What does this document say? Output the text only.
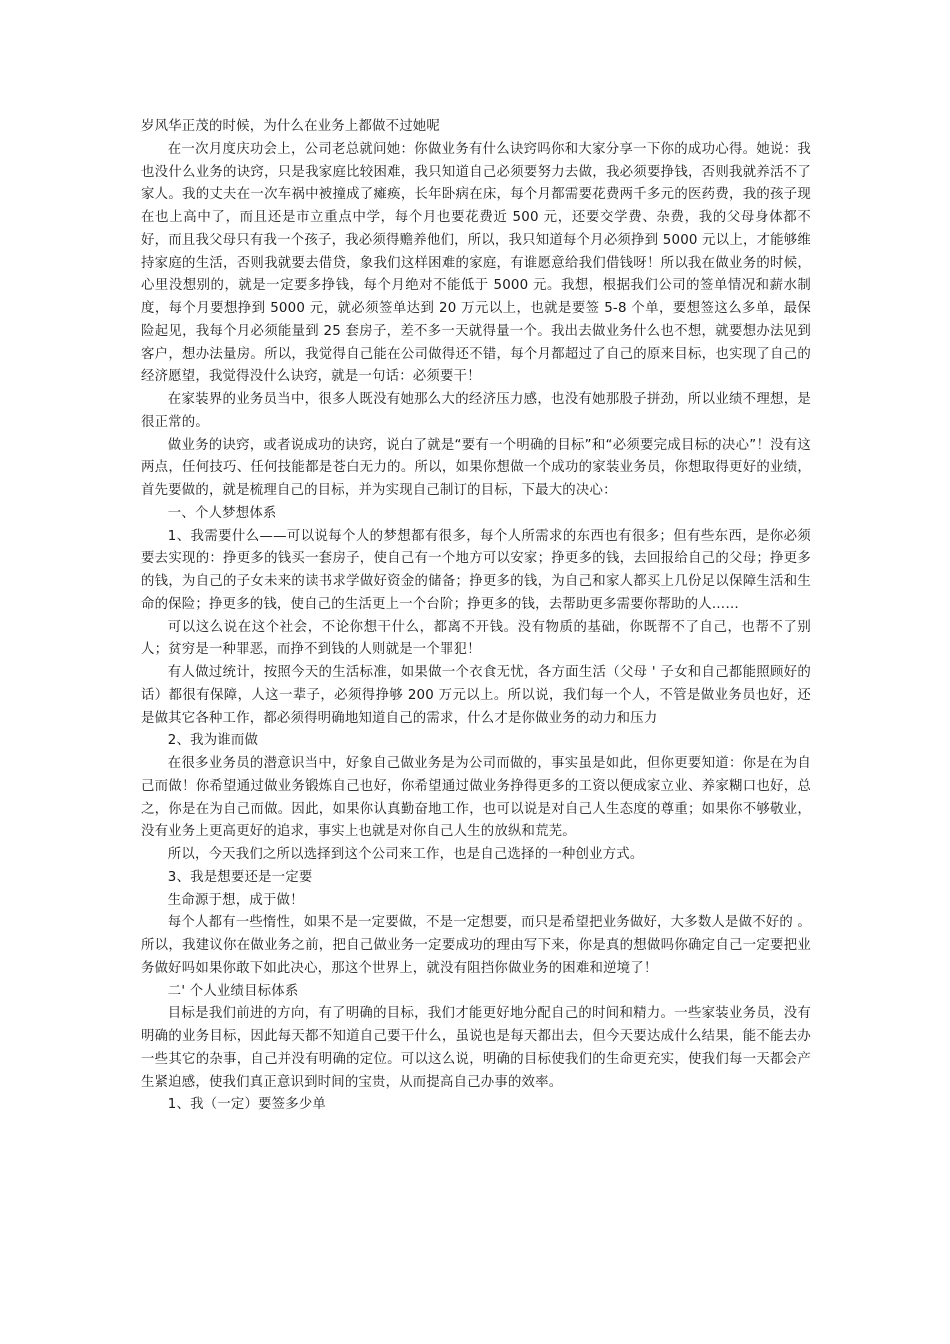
岁风华正茂的时候，为什么在业务上都做不过她呢

在一次月度庆功会上，公司老总就问她：你做业务有什么诀窍吗你和大家分享一下你的成功心得。她说：我也没什么业务的诀窍，只是我家庭比较困难，我只知道自己必须要努力去做，我必须要挣钱，否则我就养活不了家人。我的丈夫在一次车祸中被撞成了瘫痪，长年卧病在床，每个月都需要花费两千多元的医药费，我的孩子现在也上高中了，而且还是市立重点中学，每个月也要花费近 500 元，还要交学费、杂费，我的父母身体都不好，而且我父母只有我一个孩子，我必须得赡养他们，所以，我只知道每个月必须挣到 5000 元以上，才能够维持家庭的生活，否则我就要去借贷，象我们这样困难的家庭，有谁愿意给我们借钱呀！所以我在做业务的时候，心里没想别的，就是一定要多挣钱，每个月绝对不能低于 5000 元。我想，根据我们公司的签单情况和薪水制度，每个月要想挣到 5000 元，就必须签单达到 20 万元以上，也就是要签 5-8 个单，要想签这么多单，最保险起见，我每个月必须能量到 25 套房子，差不多一天就得量一个。我出去做业务什么也不想，就要想办法见到客户，想办法量房。所以，我觉得自己能在公司做得还不错，每个月都超过了自己的原来目标，也实现了自己的经济愿望，我觉得没什么诀窍，就是一句话：必须要干！

在家装界的业务员当中，很多人既没有她那么大的经济压力感，也没有她那股子拼劲，所以业绩不理想，是很正常的。

做业务的诀窍，或者说成功的诀窍，说白了就是“要有一个明确的目标”和“必须要完成目标的决心”！没有这两点，任何技巧、任何技能都是苍白无力的。所以，如果你想做一个成功的家装业务员，你想取得更好的业绩，首先要做的，就是梳理自己的目标，并为实现自己制订的目标，下最大的决心：

一、个人梦想体系

1、我需要什么——可以说每个人的梦想都有很多，每个人所需求的东西也有很多；但有些东西，是你必须要去实现的：挣更多的钱买一套房子，使自己有一个地方可以安家；挣更多的钱，去回报给自己的父母；挣更多的钱，为自己的子女未来的读书求学做好资金的储备；挣更多的钱，为自己和家人都买上几份足以保障生活和生命的保险；挣更多的钱，使自己的生活更上一个台阶；挣更多的钱，去帮助更多需要你帮助的人……

可以这么说在这个社会，不论你想干什么，都离不开钱。没有物质的基础，你既帮不了自己，也帮不了别人；贫穷是一种罪恶，而挣不到钱的人则就是一个罪犯！

有人做过统计，按照今天的生活标准，如果做一个衣食无忧，各方面生活（父母 ' 子女和自己都能照顾好的话）都很有保障，人这一辈子，必须得挣够 200 万元以上。所以说，我们每一个人，不管是做业务员也好，还是做其它各种工作，都必须得明确地知道自己的需求，什么才是你做业务的动力和压力

2、我为谁而做

在很多业务员的潜意识当中，好象自己做业务是为公司而做的，事实虽是如此，但你更要知道：你是在为自己而做！你希望通过做业务锻炼自己也好，你希望通过做业务挣得更多的工资以便成家立业、养家糊口也好，总之，你是在为自己而做。因此，如果你认真勤奋地工作，也可以说是对自己人生态度的尊重；如果你不够敬业，没有业务上更高更好的追求，事实上也就是对你自己人生的放纵和荒芜。

所以，今天我们之所以选择到这个公司来工作，也是自己选择的一种创业方式。

3、我是想要还是一定要

生命源于想，成于做！

每个人都有一些惰性，如果不是一定要做，不是一定想要，而只是希望把业务做好，大多数人是做不好的 。所以，我建议你在做业务之前，把自己做业务一定要成功的理由写下来，你是真的想做吗你确定自己一定要把业务做好吗如果你敢下如此决心，那这个世界上，就没有阻挡你做业务的困难和逆境了！

二' 个人业绩目标体系

目标是我们前进的方向，有了明确的目标，我们才能更好地分配自己的时间和精力。一些家装业务员，没有明确的业务目标，因此每天都不知道自己要干什么，虽说也是每天都出去，但今天要达成什么结果，能不能去办一些其它的杂事，自己并没有明确的定位。可以这么说，明确的目标使我们的生命更充实，使我们每一天都会产生紧迫感，使我们真正意识到时间的宝贵，从而提高自己办事的效率。

1、我（一定）要签多少单
